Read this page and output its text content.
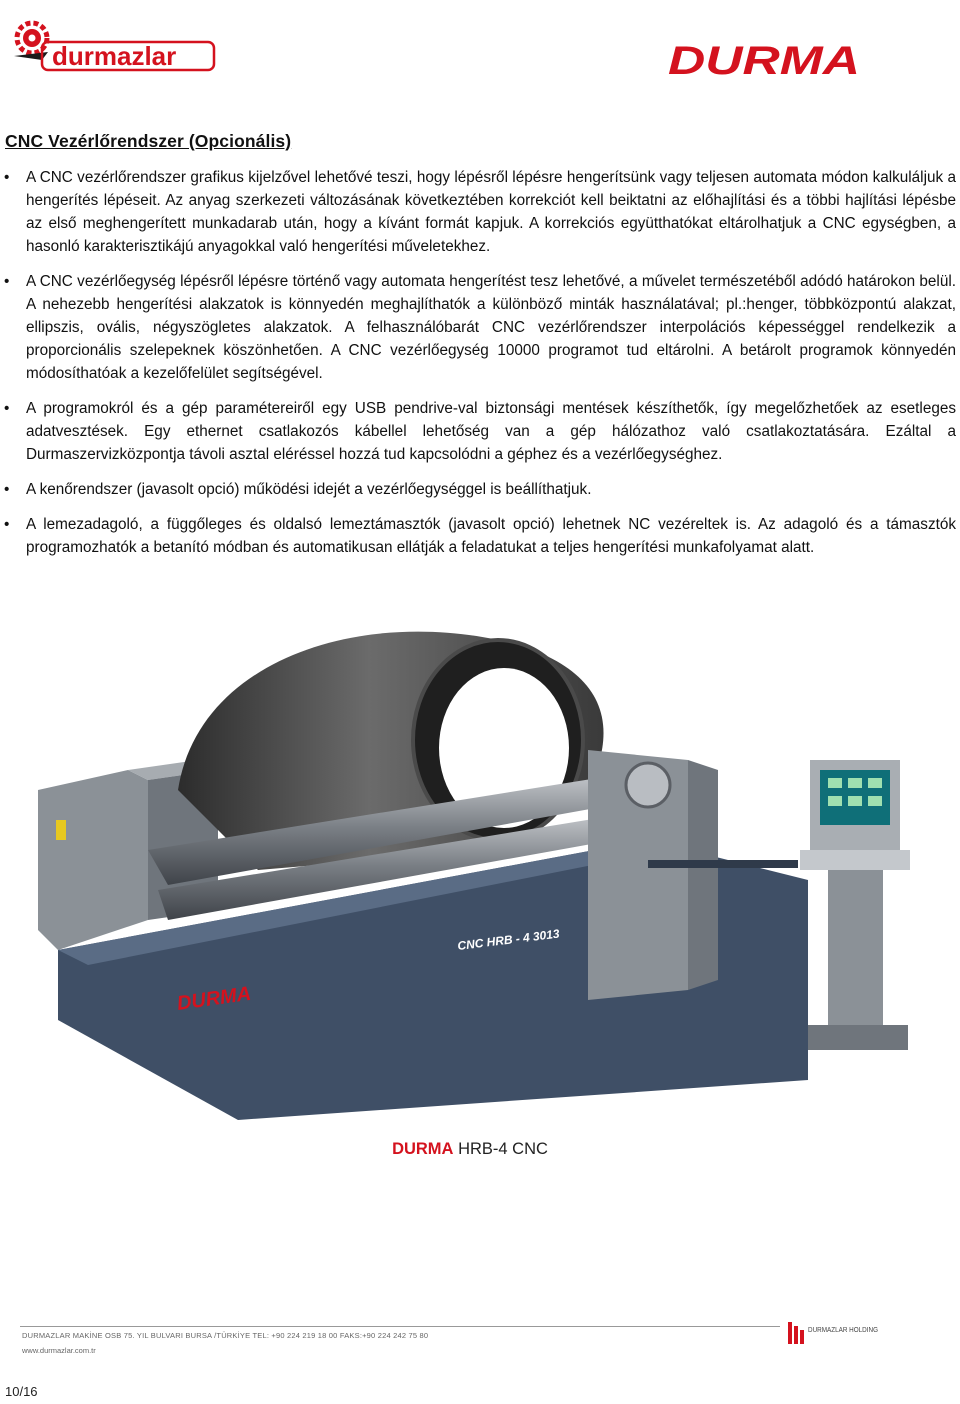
durmazlar	DURMA
CNC Vezérlőrendszer (Opcionális)
• A CNC vezérlőrendszer grafikus kijelzővel lehetővé teszi, hogy lépésről lépésre hengerítsünk vagy teljesen automata módon kalkuláljuk a hengerítés lépéseit. Az anyag szerkezeti változásának következtében korrekciót kell beiktatni az előhajlítási és a többi hajlítási lépésbe az első meghengerített munkadarab után, hogy a kívánt formát kapjuk. A korrekciós együtthatókat eltárolhatjuk a CNC egységben, a hasonló karakterisztikájú anyagokkal való hengerítési műveletekhez.
• A CNC vezérlőegység lépésről lépésre történő vagy automata hengerítést tesz lehetővé, a művelet természetéből adódó határokon belül. A nehezebb hengerítési alakzatok is könnyedén meghajlíthatók a különböző minták használatával; pl.:henger, többközpontú alakzat, ellipszis, ovális, négyszögletes alakzatok. A felhasználóbarát CNC vezérlőrendszer interpolációs képességgel rendelkezik a proporcionális szelepeknek köszönhetően. A CNC vezérlőegység 10000 programot tud eltárolni. A betárolt programok könnyedén módosíthatóak a kezelőfelület segítségével.
• A programokról és a gép paramétereiről egy USB pendrive-val biztonsági mentések készíthetők, így megelőzhetőek az esetleges adatvesztések. Egy ethernet csatlakozós kábellel lehetőség van a gép hálózathoz való csatlakoztatására. Ezáltal a Durmaszervizközpontja távoli asztal eléréssel hozzá tud kapcsolódni a géphez és a vezérlőegységhez.
• A kenőrendszer (javasolt opció) működési idejét a vezérlőegységgel is beállíthatjuk.
• A lemezadagoló, a függőleges és oldalsó lemeztámasztók (javasolt opció) lehetnek NC vezéreltek is. Az adagoló és a támasztók programozhatók a betanító módban és automatikusan ellátják a feladatukat a teljes hengerítési munkafolyamat alatt.
DURMA
CNC HRB - 4 3013
DURMA HRB-4 CNC
DURMAZLAR MAKİNE OSB 75. YIL BULVARI BURSA /TÜRKİYE TEL: +90 224 219 18 00 FAKS:+90 224 242 75 80
www.durmazlar.com.tr
DURMAZLAR HOLDING
10/16
